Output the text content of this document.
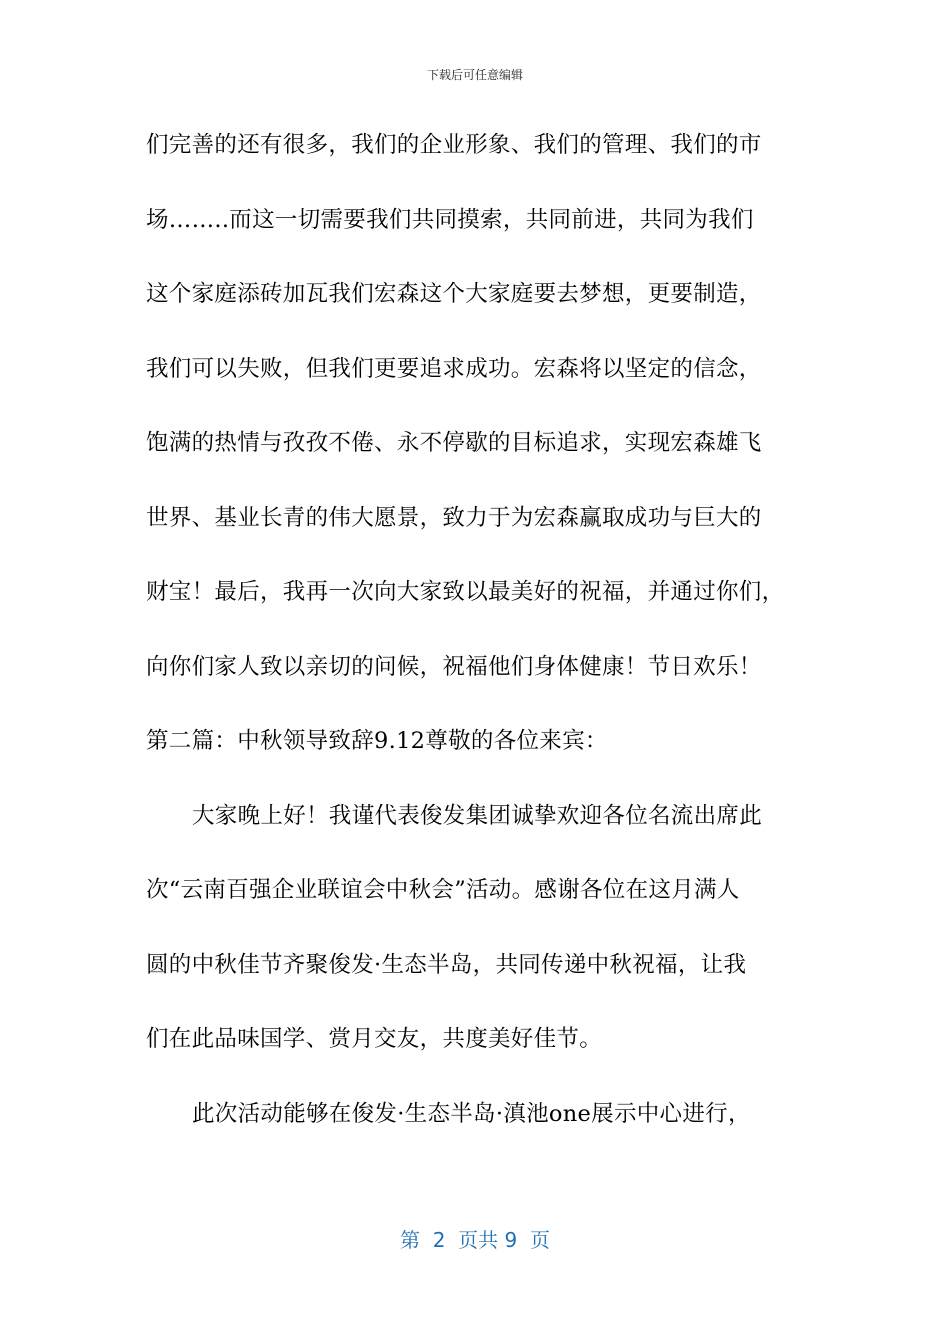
下载后可任意编辑
们完善的还有很多，我们的企业形象、我们的管理、我们的市
场……..而这一切需要我们共同摸索，共同前进，共同为我们
这个家庭添砖加瓦我们宏森这个大家庭要去梦想，更要制造，
我们可以失败，但我们更要追求成功。宏森将以坚定的信念，
饱满的热情与孜孜不倦、永不停歇的目标追求，实现宏森雄飞
世界、基业长青的伟大愿景，致力于为宏森赢取成功与巨大的
财宝！最后，我再一次向大家致以最美好的祝福，并通过你们，
向你们家人致以亲切的问候，祝福他们身体健康！节日欢乐！
第二篇：中秋领导致辞9.12尊敬的各位来宾：
大家晚上好！我谨代表俊发集团诚挚欢迎各位名流出席此
次“云南百强企业联谊会中秋会”活动。感谢各位在这月满人
圆的中秋佳节齐聚俊发·生态半岛，共同传递中秋祝福，让我
们在此品味国学、赏月交友，共度美好佳节。
此次活动能够在俊发·生态半岛·滇池one展示中心进行，
第  2  页共 9  页
